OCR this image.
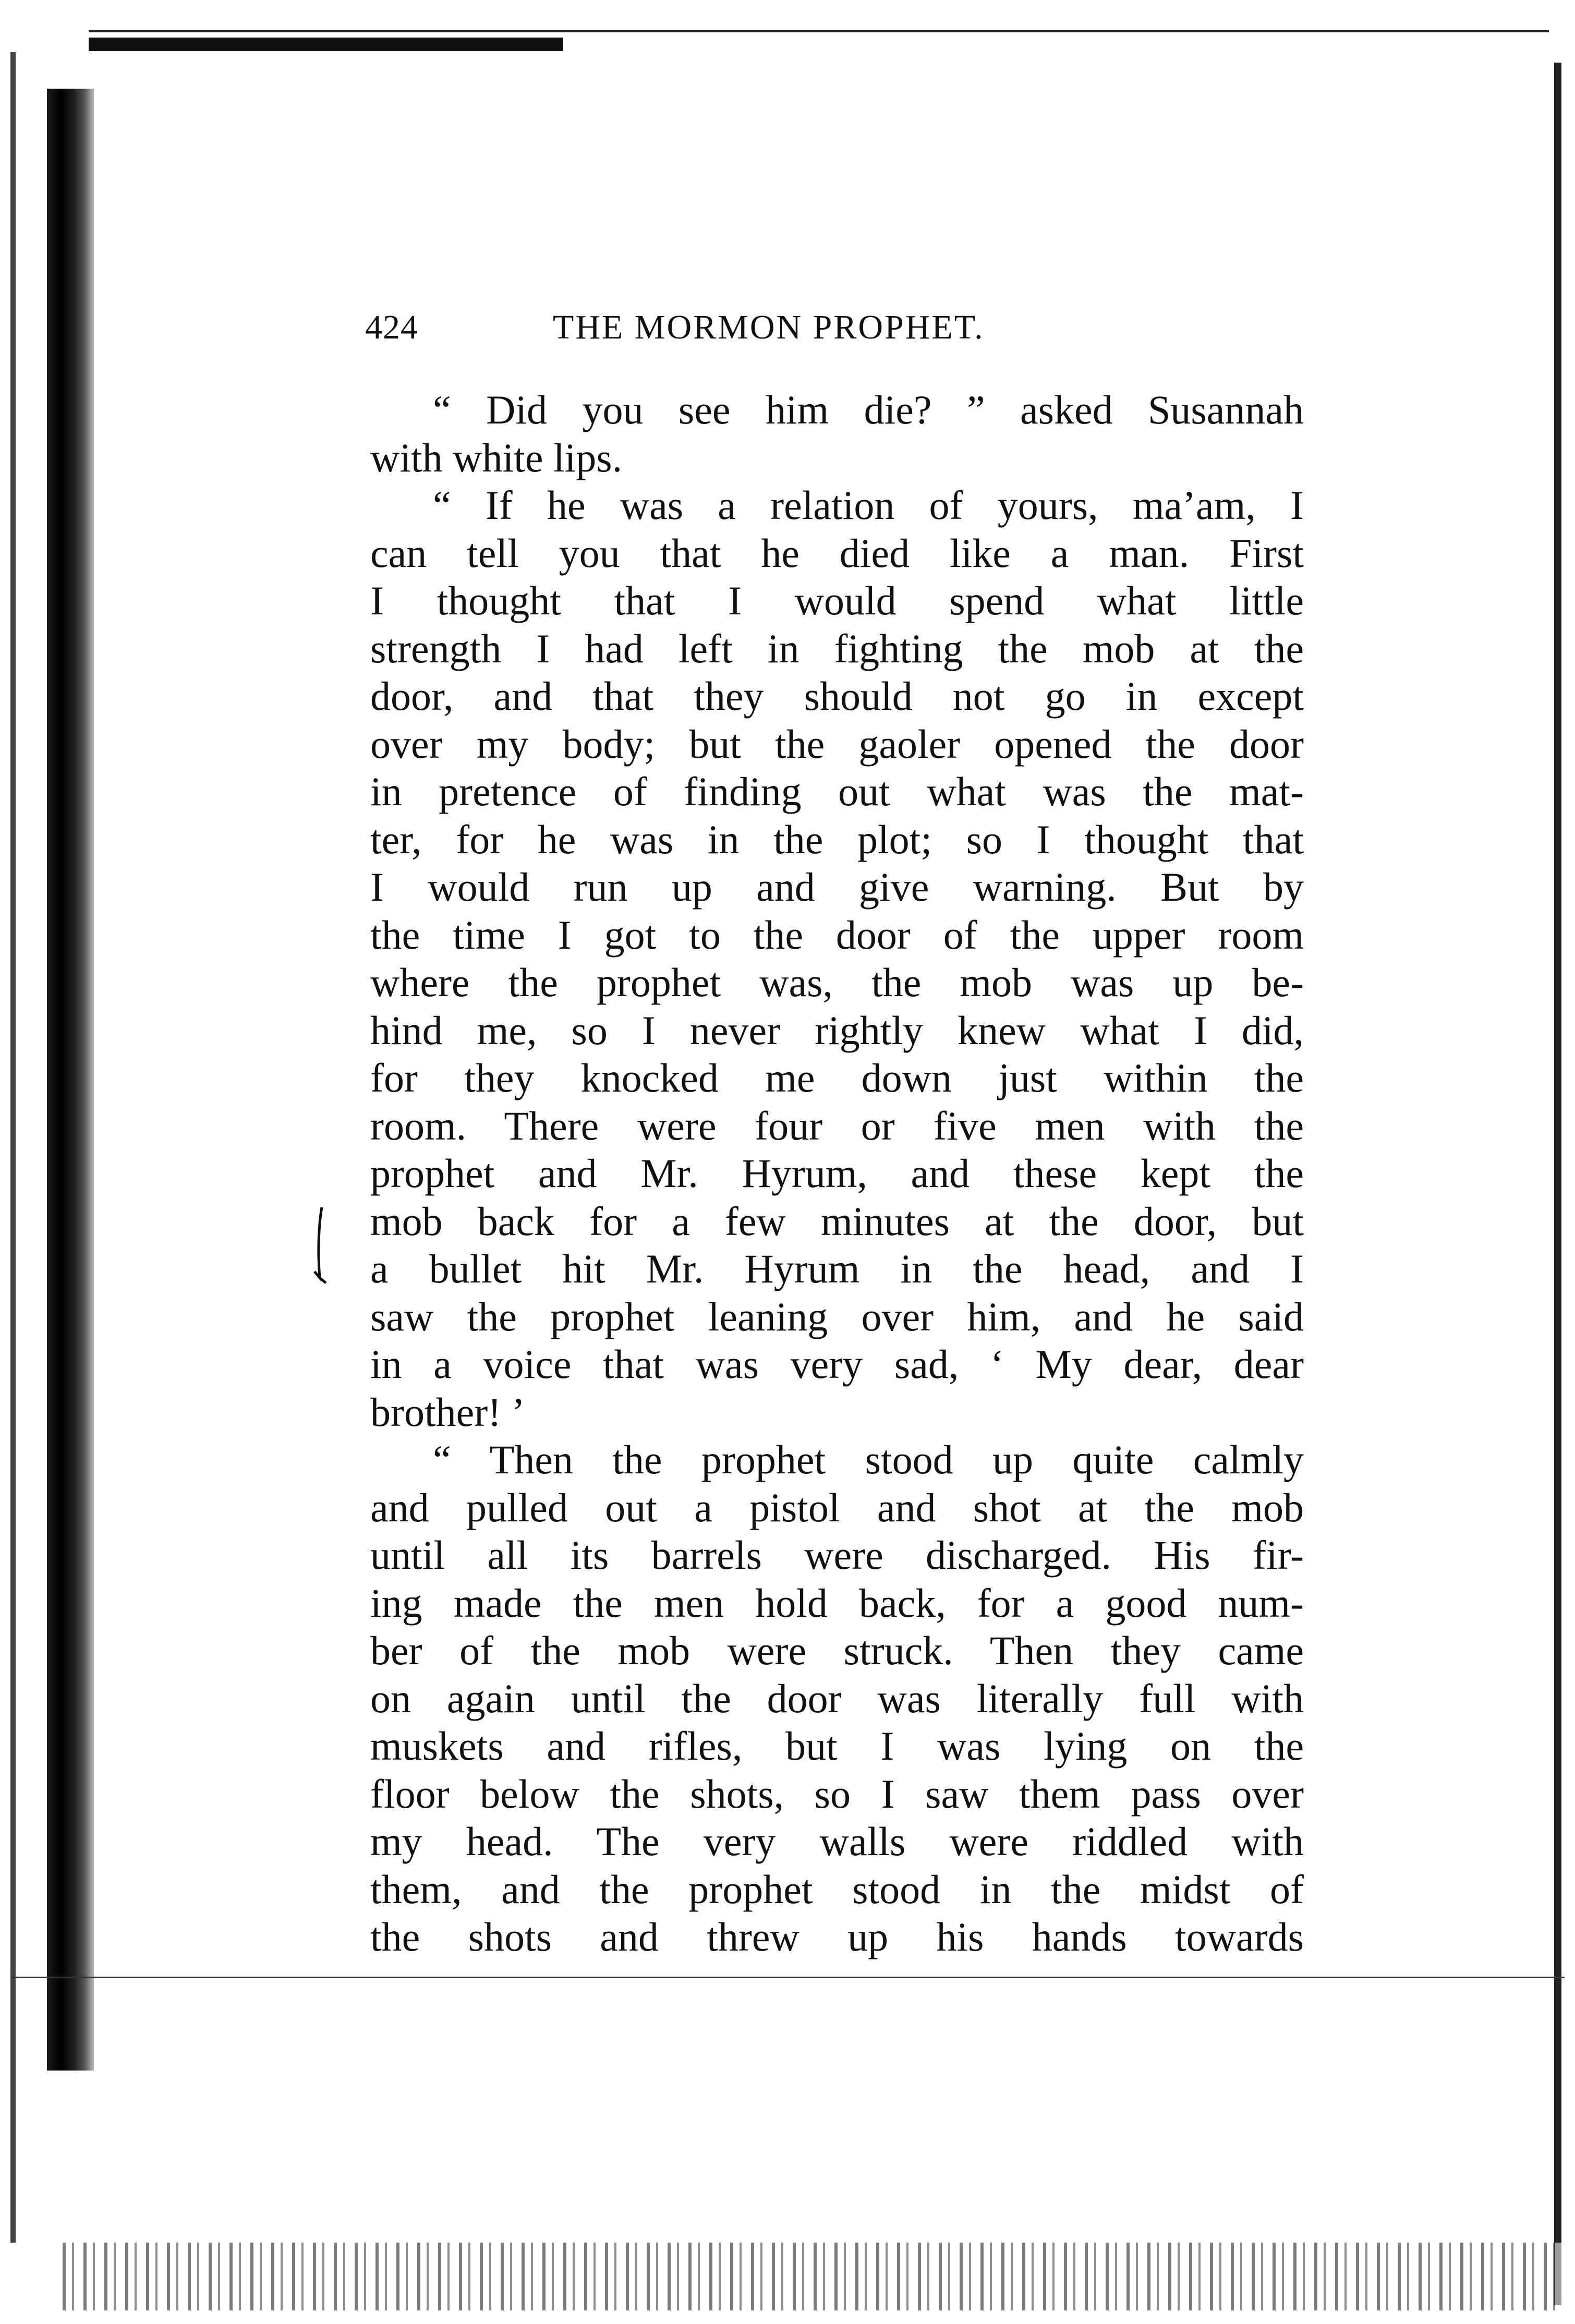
424	THE MORMON PROPHET.
“ Did you see him die? ” asked Susannah
with white lips.
“ If he was a relation of yours, ma’am, I
can tell you that he died like a man. First
I thought that I would spend what little
strength I had left in fighting the mob at the
door, and that they should not go in except
over my body; but the gaoler opened the door
in pretence of finding out what was the mat-
ter, for he was in the plot; so I thought that
I would run up and give warning. But by
the time I got to the door of the upper room
where the prophet was, the mob was up be-
hind me, so I never rightly knew what I did,
for they knocked me down just within the
room. There were four or five men with the
prophet and Mr. Hyrum, and these kept the
mob back for a few minutes at the door, but
a bullet hit Mr. Hyrum in the head, and I
saw the prophet leaning over him, and he said
in a voice that was very sad, ‘ My dear, dear
brother! ’
“ Then the prophet stood up quite calmly
and pulled out a pistol and shot at the mob
until all its barrels were discharged. His fir-
ing made the men hold back, for a good num-
ber of the mob were struck. Then they came
on again until the door was literally full with
muskets and rifles, but I was lying on the
floor below the shots, so I saw them pass over
my head. The very walls were riddled with
them, and the prophet stood in the midst of
the shots and threw up his hands towards
